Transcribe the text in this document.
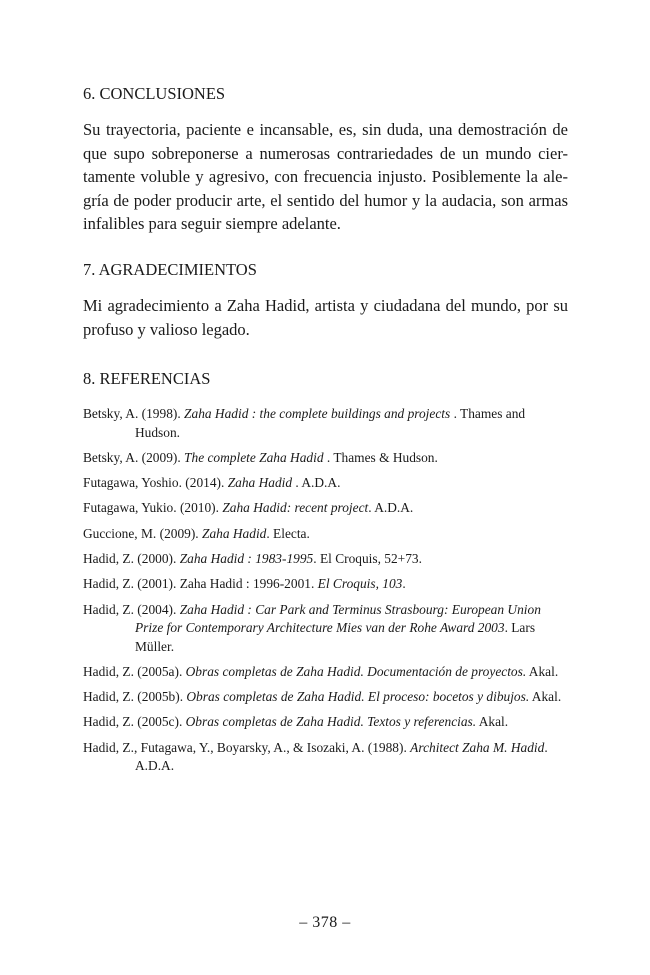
6. CONCLUSIONES
Su trayectoria, paciente e incansable, es, sin duda, una demostración de
que supo sobreponerse a numerosas contrariedades de un mundo cier-
tamente voluble y agresivo, con frecuencia injusto. Posiblemente la ale-
gría de poder producir arte, el sentido del humor y la audacia, son armas
infalibles para seguir siempre adelante.
7. AGRADECIMIENTOS
Mi agradecimiento a Zaha Hadid, artista y ciudadana del mundo, por su
profuso y valioso legado.
8. REFERENCIAS
Betsky, A. (1998). Zaha Hadid : the complete buildings and projects . Thames and Hudson.
Betsky, A. (2009). The complete Zaha Hadid . Thames & Hudson.
Futagawa, Yoshio. (2014). Zaha Hadid . A.D.A.
Futagawa, Yukio. (2010). Zaha Hadid: recent project. A.D.A.
Guccione, M. (2009). Zaha Hadid. Electa.
Hadid, Z. (2000). Zaha Hadid : 1983-1995. El Croquis, 52+73.
Hadid, Z. (2001). Zaha Hadid : 1996-2001. El Croquis, 103.
Hadid, Z. (2004). Zaha Hadid : Car Park and Terminus Strasbourg: European Union Prize for Contemporary Architecture Mies van der Rohe Award 2003. Lars Müller.
Hadid, Z. (2005a). Obras completas de Zaha Hadid. Documentación de proyectos. Akal.
Hadid, Z. (2005b). Obras completas de Zaha Hadid. El proceso: bocetos y dibujos. Akal.
Hadid, Z. (2005c). Obras completas de Zaha Hadid. Textos y referencias. Akal.
Hadid, Z., Futagawa, Y., Boyarsky, A., & Isozaki, A. (1988). Architect Zaha M. Hadid. A.D.A.
– 378 –
